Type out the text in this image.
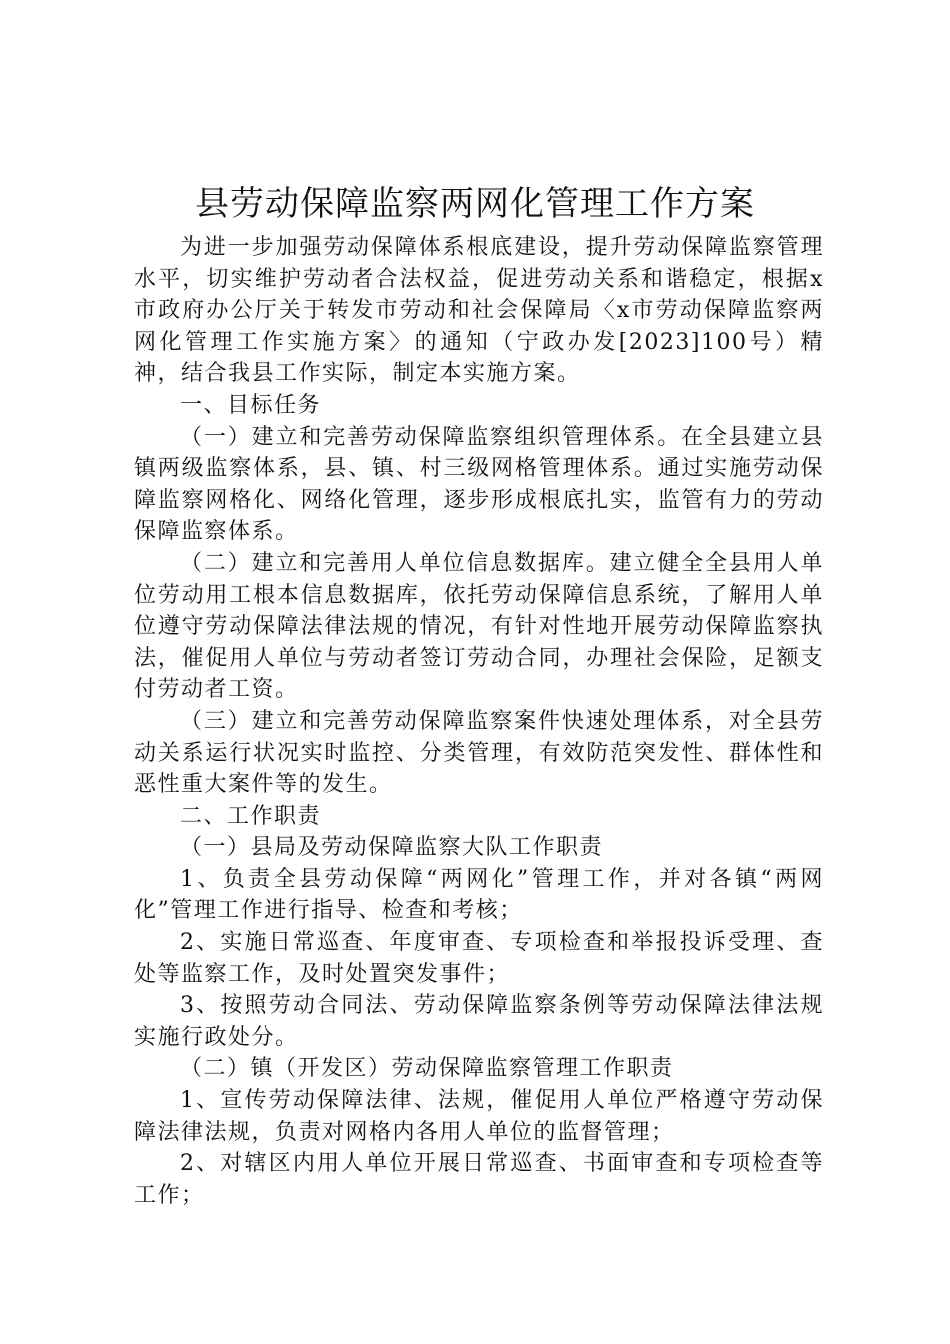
县劳动保障监察两网化管理工作方案

为进一步加强劳动保障体系根底建设，提升劳动保障监察管理水平，切实维护劳动者合法权益，促进劳动关系和谐稳定，根据x市政府办公厅关于转发市劳动和社会保障局〈x市劳动保障监察两网化管理工作实施方案〉的通知（宁政办发[2023]100号）精神，结合我县工作实际，制定本实施方案。

一、目标任务

（一）建立和完善劳动保障监察组织管理体系。在全县建立县镇两级监察体系，县、镇、村三级网格管理体系。通过实施劳动保障监察网格化、网络化管理，逐步形成根底扎实，监管有力的劳动保障监察体系。

（二）建立和完善用人单位信息数据库。建立健全全县用人单位劳动用工根本信息数据库，依托劳动保障信息系统，了解用人单位遵守劳动保障法律法规的情况，有针对性地开展劳动保障监察执法，催促用人单位与劳动者签订劳动合同，办理社会保险，足额支付劳动者工资。

（三）建立和完善劳动保障监察案件快速处理体系，对全县劳动关系运行状况实时监控、分类管理，有效防范突发性、群体性和恶性重大案件等的发生。

二、工作职责

（一）县局及劳动保障监察大队工作职责

1、负责全县劳动保障“两网化”管理工作，并对各镇“两网化”管理工作进行指导、检查和考核；

2、实施日常巡查、年度审查、专项检查和举报投诉受理、查处等监察工作，及时处置突发事件；

3、按照劳动合同法、劳动保障监察条例等劳动保障法律法规实施行政处分。

（二）镇（开发区）劳动保障监察管理工作职责

1、宣传劳动保障法律、法规，催促用人单位严格遵守劳动保障法律法规，负责对网格内各用人单位的监督管理；

2、对辖区内用人单位开展日常巡查、书面审查和专项检查等工作；
